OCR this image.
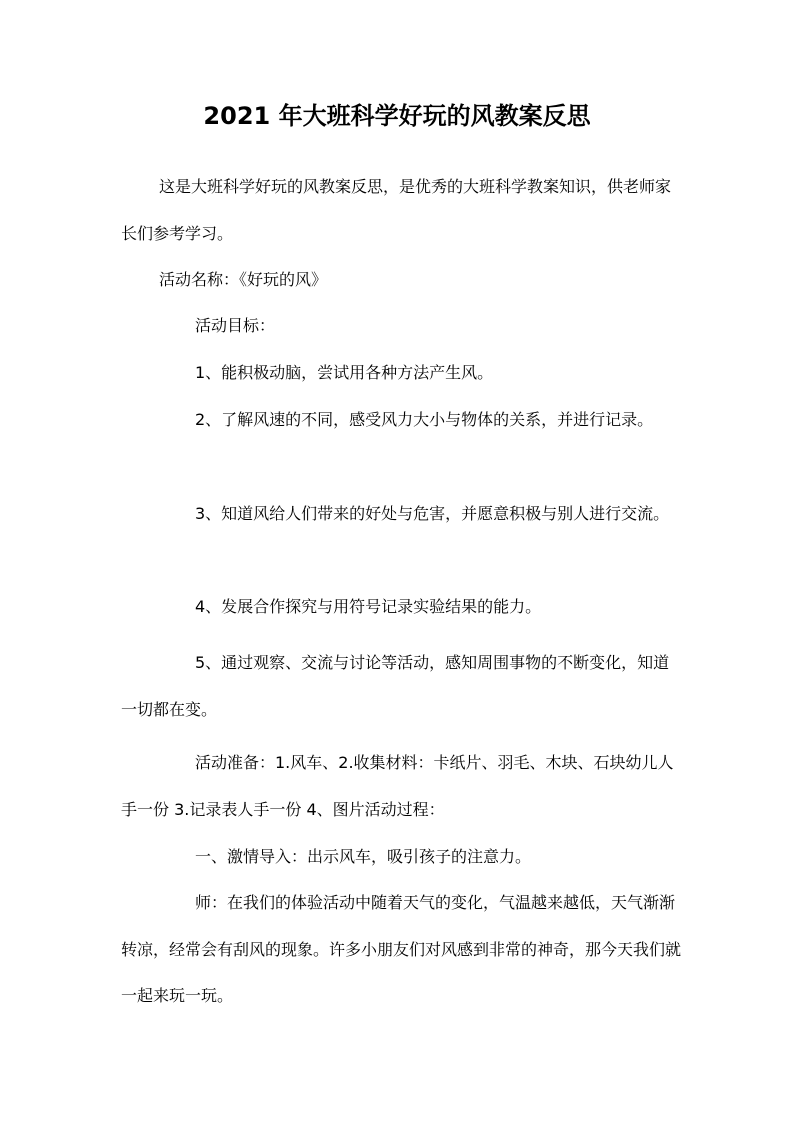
2021 年大班科学好玩的风教案反思

这是大班科学好玩的风教案反思，是优秀的大班科学教案知识，供老师家长们参考学习。

活动名称：《好玩的风》

活动目标：

1、能积极动脑，尝试用各种方法产生风。

2、了解风速的不同，感受风力大小与物体的关系，并进行记录。

3、知道风给人们带来的好处与危害，并愿意积极与别人进行交流。

4、发展合作探究与用符号记录实验结果的能力。

5、通过观察、交流与讨论等活动，感知周围事物的不断变化，知道一切都在变。

活动准备：1.风车、2.收集材料：卡纸片、羽毛、木块、石块幼儿人手一份 3.记录表人手一份 4、图片活动过程：

一、激情导入：出示风车，吸引孩子的注意力。

师：在我们的体验活动中随着天气的变化，气温越来越低，天气渐渐转凉，经常会有刮风的现象。许多小朋友们对风感到非常的神奇，那今天我们就一起来玩一玩。
